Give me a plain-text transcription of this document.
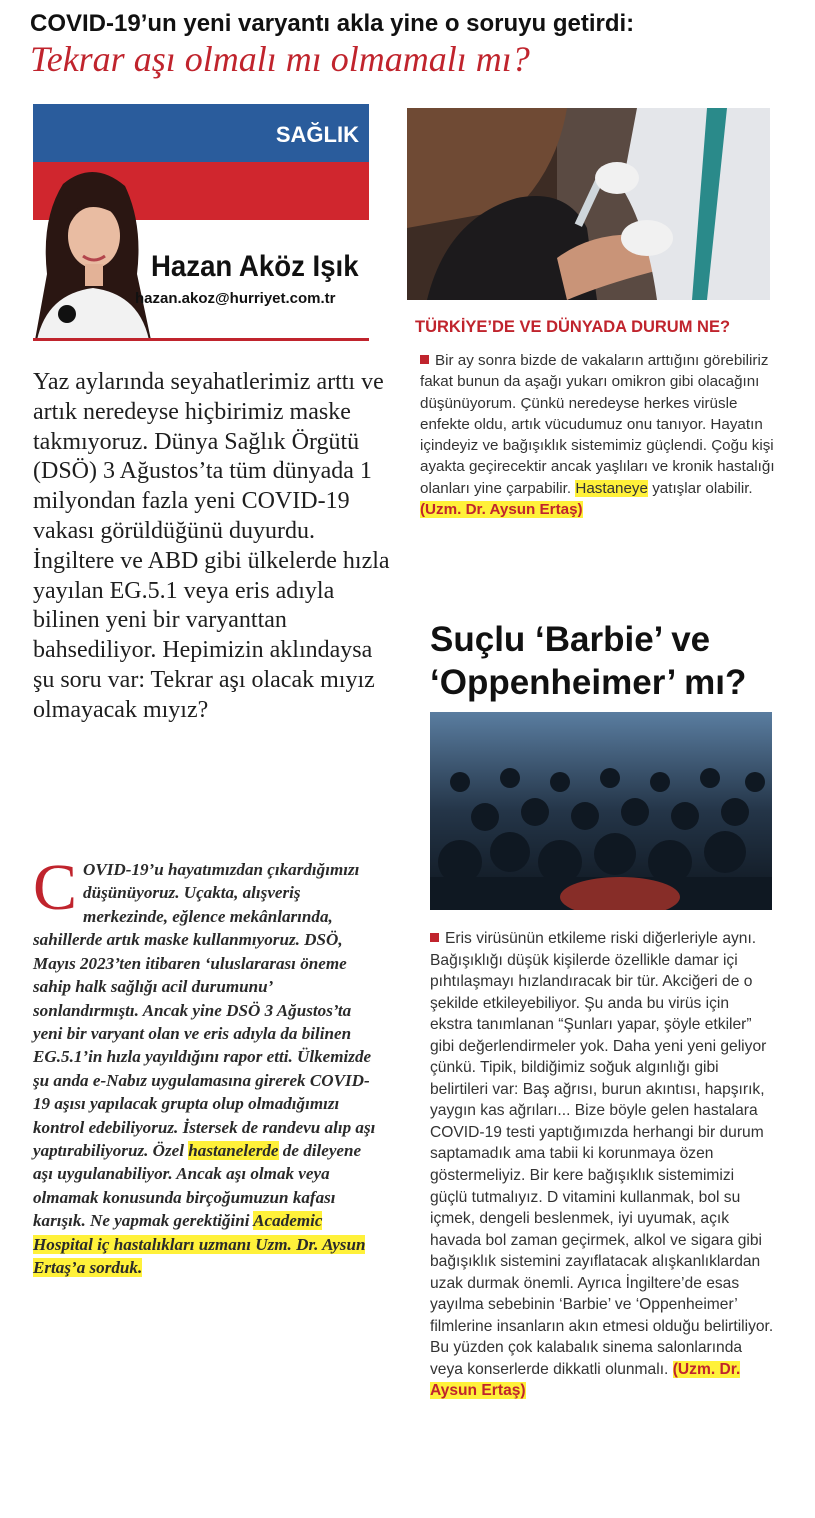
COVID-19’un yeni varyantı akla yine o soruyu getirdi:
Tekrar aşı olmalı mı olmamalı mı?
SAĞLIK
Hazan Aköz Işık
hazan.akoz@hurriyet.com.tr
Yaz aylarında seyahatlerimiz arttı ve artık neredeyse hiçbirimiz maske takmıyoruz. Dünya Sağlık Örgütü (DSÖ) 3 Ağustos’ta tüm dünyada 1 milyondan fazla yeni COVID-19 vakası görüldüğünü duyurdu. İngiltere ve ABD gibi ülkelerde hızla yayılan EG.5.1 veya eris adıyla bilinen yeni bir varyanttan bahsediliyor. Hepimizin aklındaysa şu soru var: Tekrar aşı olacak mıyız olmayacak mıyız?
COVID-19’u hayatımızdan çıkardığımızı düşünüyoruz. Uçakta, alışveriş merkezinde, eğlence mekânlarında, sahillerde artık maske kullanmıyoruz. DSÖ, Mayıs 2023’ten itibaren ‘uluslararası öneme sahip halk sağlığı acil durumunu’ sonlandırmıştı. Ancak yine DSÖ 3 Ağustos’ta yeni bir varyant olan ve eris adıyla da bilinen EG.5.1’in hızla yayıldığını rapor etti. Ülkemizde şu anda e-Nabız uygulamasına girerek COVID-19 aşısı yapılacak grupta olup olmadığımızı kontrol edebiliyoruz. İstersek de randevu alıp aşı yaptırabiliyoruz. Özel hastanelerde de dileyene aşı uygulanabiliyor. Ancak aşı olmak veya olmamak konusunda birçoğumuzun kafası karışık. Ne yapmak gerektiğini Academic Hospital iç hastalıkları uzmanı Uzm. Dr. Aysun Ertaş’a sorduk.
TÜRKİYE’DE VE DÜNYADA DURUM NE?
Bir ay sonra bizde de vakaların arttığını görebiliriz fakat bunun da aşağı yukarı omikron gibi olacağını düşünüyorum. Çünkü neredeyse herkes virüsle enfekte oldu, artık vücudumuz onu tanıyor. Hayatın içindeyiz ve bağışıklık sistemimiz güçlendi. Çoğu kişi ayakta geçirecektir ancak yaşlıları ve kronik hastalığı olanları yine çarpabilir. Hastaneye yatışlar olabilir.
(Uzm. Dr. Aysun Ertaş)
Suçlu ‘Barbie’ ve ‘Oppenheimer’ mı?
Eris virüsünün etkileme riski diğerleriyle aynı. Bağışıklığı düşük kişilerde özellikle damar içi pıhtılaşmayı hızlandıracak bir tür. Akciğeri de o şekilde etkileyebiliyor. Şu anda bu virüs için ekstra tanımlanan “Şunları yapar, şöyle etkiler” gibi değerlendirmeler yok. Daha yeni yeni geliyor çünkü. Tipik, bildiğimiz soğuk algınlığı gibi belirtileri var: Baş ağrısı, burun akıntısı, hapşırık, yaygın kas ağrıları... Bize böyle gelen hastalara COVID-19 testi yaptığımızda herhangi bir durum saptamadık ama tabii ki korunmaya özen göstermeliyiz. Bir kere bağışıklık sistemimizi güçlü tutmalıyız. D vitamini kullanmak, bol su içmek, dengeli beslenmek, iyi uyumak, açık havada bol zaman geçirmek, alkol ve sigara gibi bağışıklık sistemini zayıflatacak alışkanlıklardan uzak durmak önemli. Ayrıca İngiltere’de esas yayılma sebebinin ‘Barbie’ ve ‘Oppenheimer’ filmlerine insanların akın etmesi olduğu belirtiliyor. Bu yüzden çok kalabalık sinema salonlarında veya konserlerde dikkatli olunmalı. (Uzm. Dr. Aysun Ertaş)
